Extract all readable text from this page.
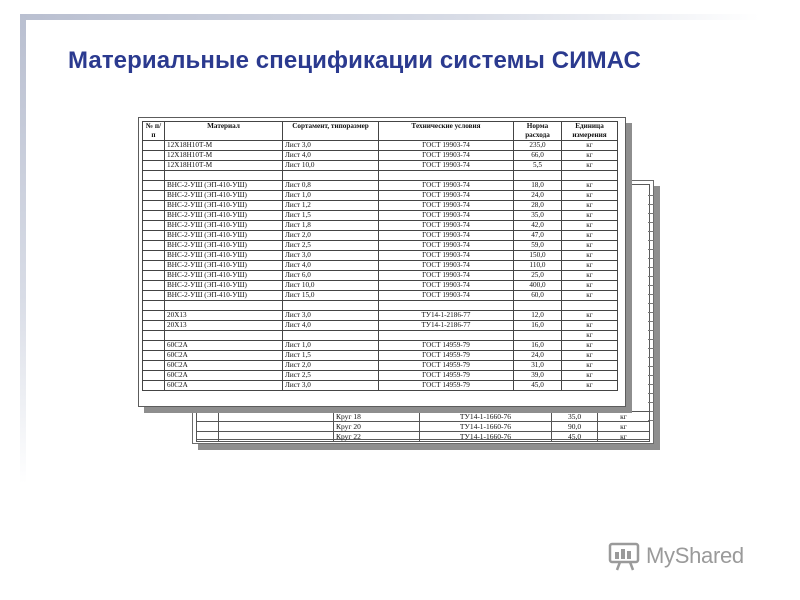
Материальные спецификации системы СИМАС
		Круг 18	ТУ14-1-1660-76	35,0	кг
		Круг 20	ТУ14-1-1660-76	90,0	кг
		Круг 22	ТУ14-1-1660-76	45,0	кг
№ п/п	Материал	Сортамент, типоразмер	Технические условия	Норма расхода	Единица измерения
	12Х18Н10Т-М	Лист 3,0	ГОСТ 19903-74	235,0	кг
	12Х18Н10Т-М	Лист 4,0	ГОСТ 19903-74	66,0	кг
	12Х18Н10Т-М	Лист 10,0	ГОСТ 19903-74	5,5	кг

	ВНС-2-УШ (ЭП-410-УШ)	Лист 0,8	ГОСТ 19903-74	18,0	кг
	ВНС-2-УШ (ЭП-410-УШ)	Лист 1,0	ГОСТ 19903-74	24,0	кг
	ВНС-2-УШ (ЭП-410-УШ)	Лист 1,2	ГОСТ 19903-74	28,0	кг
	ВНС-2-УШ (ЭП-410-УШ)	Лист 1,5	ГОСТ 19903-74	35,0	кг
	ВНС-2-УШ (ЭП-410-УШ)	Лист 1,8	ГОСТ 19903-74	42,0	кг
	ВНС-2-УШ (ЭП-410-УШ)	Лист 2,0	ГОСТ 19903-74	47,0	кг
	ВНС-2-УШ (ЭП-410-УШ)	Лист 2,5	ГОСТ 19903-74	59,0	кг
	ВНС-2-УШ (ЭП-410-УШ)	Лист 3,0	ГОСТ 19903-74	150,0	кг
	ВНС-2-УШ (ЭП-410-УШ)	Лист 4,0	ГОСТ 19903-74	110,0	кг
	ВНС-2-УШ (ЭП-410-УШ)	Лист 6,0	ГОСТ 19903-74	25,0	кг
	ВНС-2-УШ (ЭП-410-УШ)	Лист 10,0	ГОСТ 19903-74	400,0	кг
	ВНС-2-УШ (ЭП-410-УШ)	Лист 15,0	ГОСТ 19903-74	60,0	кг

	20Х13	Лист 3,0	ТУ14-1-2186-77	12,0	кг
	20Х13	Лист 4,0	ТУ14-1-2186-77	16,0	кг
					кг
	60С2А	Лист 1,0	ГОСТ 14959-79	16,0	кг
	60С2А	Лист 1,5	ГОСТ 14959-79	24,0	кг
	60С2А	Лист 2,0	ГОСТ 14959-79	31,0	кг
	60С2А	Лист 2,5	ГОСТ 14959-79	39,0	кг
	60С2А	Лист 3,0	ГОСТ 14959-79	45,0	кг
MyShared
